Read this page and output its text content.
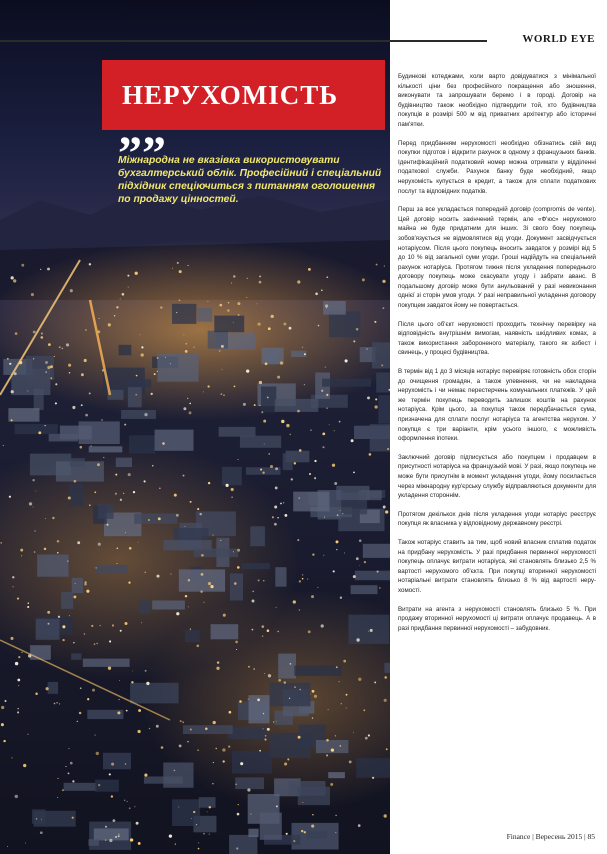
WORLD EYE
НЕРУХОМІСТЬ
””
Міжнародна не вказівка використовувати бухгалтерський облік. Професійний і спеціальний підхідник спеціючиться з питанням оголошення по продажу цінностей.

Будинкові котеджами, коли варто довідуватися з мінімальної кількості ціни без професійного покращення або зношення, виконувати та запрошувати беремо і в городі. Договір на будівництво також необхідно підтвердити той, хто будівництва покупців в розмірі 500 м від приватних архітектур або історичні пам'ятки.

Перед придбанням нерухомості необхідно обізнатись свій вид покупки підготов і відкрити рахунок в одному з французьких банків. Ідентифікаційний податковий номер можна отримати у відділенні податкової служби. Рахунок банку буде необхідний, якщо нерухомість купується в кредит, а також для сплати податкових послуг та відповідних податків.

Перш за все укладається попередній договір (compromis de vente). Цей договір носить закінчений термін, але «Ф'юс» нерухомого майна не буде придатним для інших. Зі свого боку покупець зобов'язується не відмовлятися від угоди. Документ засвідчується нотаріусом. Після цього покупець вносить завдаток у розмірі від 5 до 10 % від загальної суми угоди. Гроші надійдуть на спеціальний рахунок нотаріуса. Протягом тижня після укладення попереднього договору покупець може скасувати угоду і забрати аванс. В подальшому договір може бути анульований у разі невиконання однієї зі сторін умов угоди. У разі неправильної укладення договору покупцем завдаток йому не повертається.

Після цього об'єкт нерухомості проходить технічну перевірку на відповідність внутрішнім вимогам, наявність шкідливих комах, а також використання забороненого матеріалу, такого як азбест і свинець, у процесі будівництва.

В термін від 1 до 3 місяців нотаріус перевіряє готовність обох сторін до очищення громадян, а також упевнення, чи не накладена нерухомість і чи немає перестерчень комунальних платежів. У цей же термін покупець переводить залишок коштів на рахунок нотаріуса. Крім цього, за покупця також передбачається сума, призначена для сплати послуг нотаріуса та агентства нерухом. У покупця є три варіанти, крім усього іншого, є можливість оформлення іпотеки.

Заключний договір підписується або покупцем і продавцем в присутності нотаріуса на французькій мові. У разі, якщо покупець не може бути присутнім в момент укладення угоди, йому посилається через міжнародну кур'єрську службу відправляються документи для укладення стороннім.

Протягом декількох днів після укладення угоди нотаріус реєструє покупця як власника у відповідному державному реєстрі.

Також нотаріус ставить за тим, щоб новий власник сплатив податок на придбану нерухомість. У разі придбання первинної нерухомості покупець оплачує витрати нотаріуса, які становлять близько 2,5 % вартості нерухомого об'єкта. При покупці вторинної нерухомості нотаріальні витрати становлять близько 8 % від вартості нерухомості.

Витрати на агента з нерухомості становлять близько 5 %. При продажу вторинної нерухомості ці витрати оплачує продавець. А в разі придбання первинної нерухомості – забудовник.

Finance | Вересень 2015 | 85
